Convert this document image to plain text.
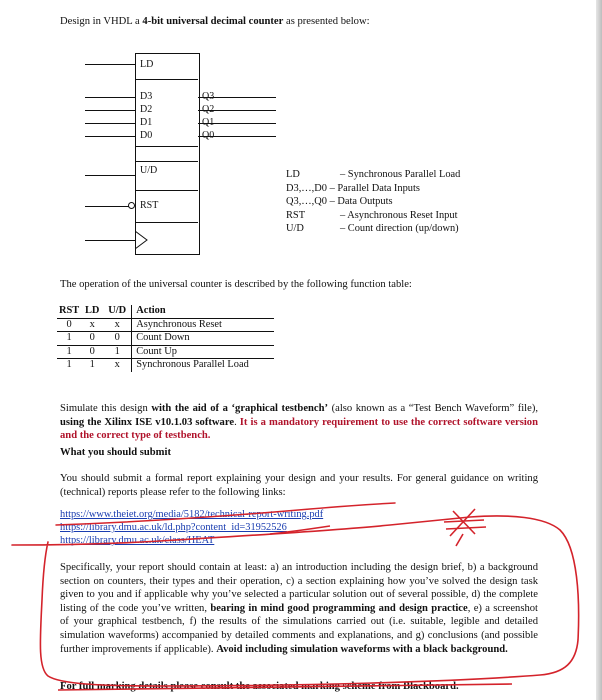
Design in VHDL a 4-bit universal decimal counter as presented below:
LD
D3
D2
D1
D0
Q3
Q2
Q1
Q0
U/D
RST
LD	– Synchronous Parallel Load
D3,…,D0 – Parallel Data Inputs	
Q3,…,Q0 – Data Outputs	
RST	– Asynchronous Reset Input
U/D	– Count direction (up/down)
The operation of the universal counter is described by the following function table:
RST	LD	U/D	Action
0	x	x	Asynchronous Reset
1	0	0	Count Down
1	0	1	Count Up
1	1	x	Synchronous Parallel Load
Simulate this design with the aid of a ‘graphical testbench’ (also known as a “Test Bench Waveform” file), using the Xilinx ISE v10.1.03 software. It is a mandatory requirement to use the correct software version and the correct type of testbench.
What you should submit
You should submit a formal report explaining your design and your results. For general guidance on writing (technical) reports please refer to the following links:
https://www.theiet.org/media/5182/technical-report-writing.pdf
https://library.dmu.ac.uk/ld.php?content_id=31952526
https://library.dmu.ac.uk/class/HEAT
Specifically, your report should contain at least: a) an introduction including the design brief, b) a background section on counters, their types and their operation, c) a section explaining how you’ve solved the design task given to you and if applicable why you’ve selected a particular solution out of several possible, d) the complete listing of the code you’ve written, bearing in mind good programming and design practice, e) a screenshot of your graphical testbench, f) the results of the simulations carried out (i.e. suitable, legible and detailed simulation waveforms) accompanied by detailed comments and explanations, and g) conclusions (and possible further improvements if applicable). Avoid including simulation waveforms with a black background.
For full marking details please consult the associated marking scheme from Blackboard.
